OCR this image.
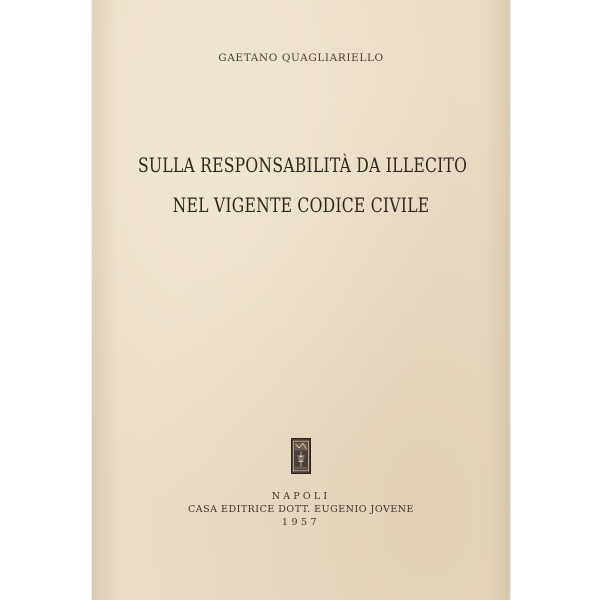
GAETANO QUAGLIARIELLO
SULLA RESPONSABILITÀ DA ILLECITO
NEL VIGENTE CODICE CIVILE
NAPOLI
CASA EDITRICE DOTT. EUGENIO JOVENE
1957
